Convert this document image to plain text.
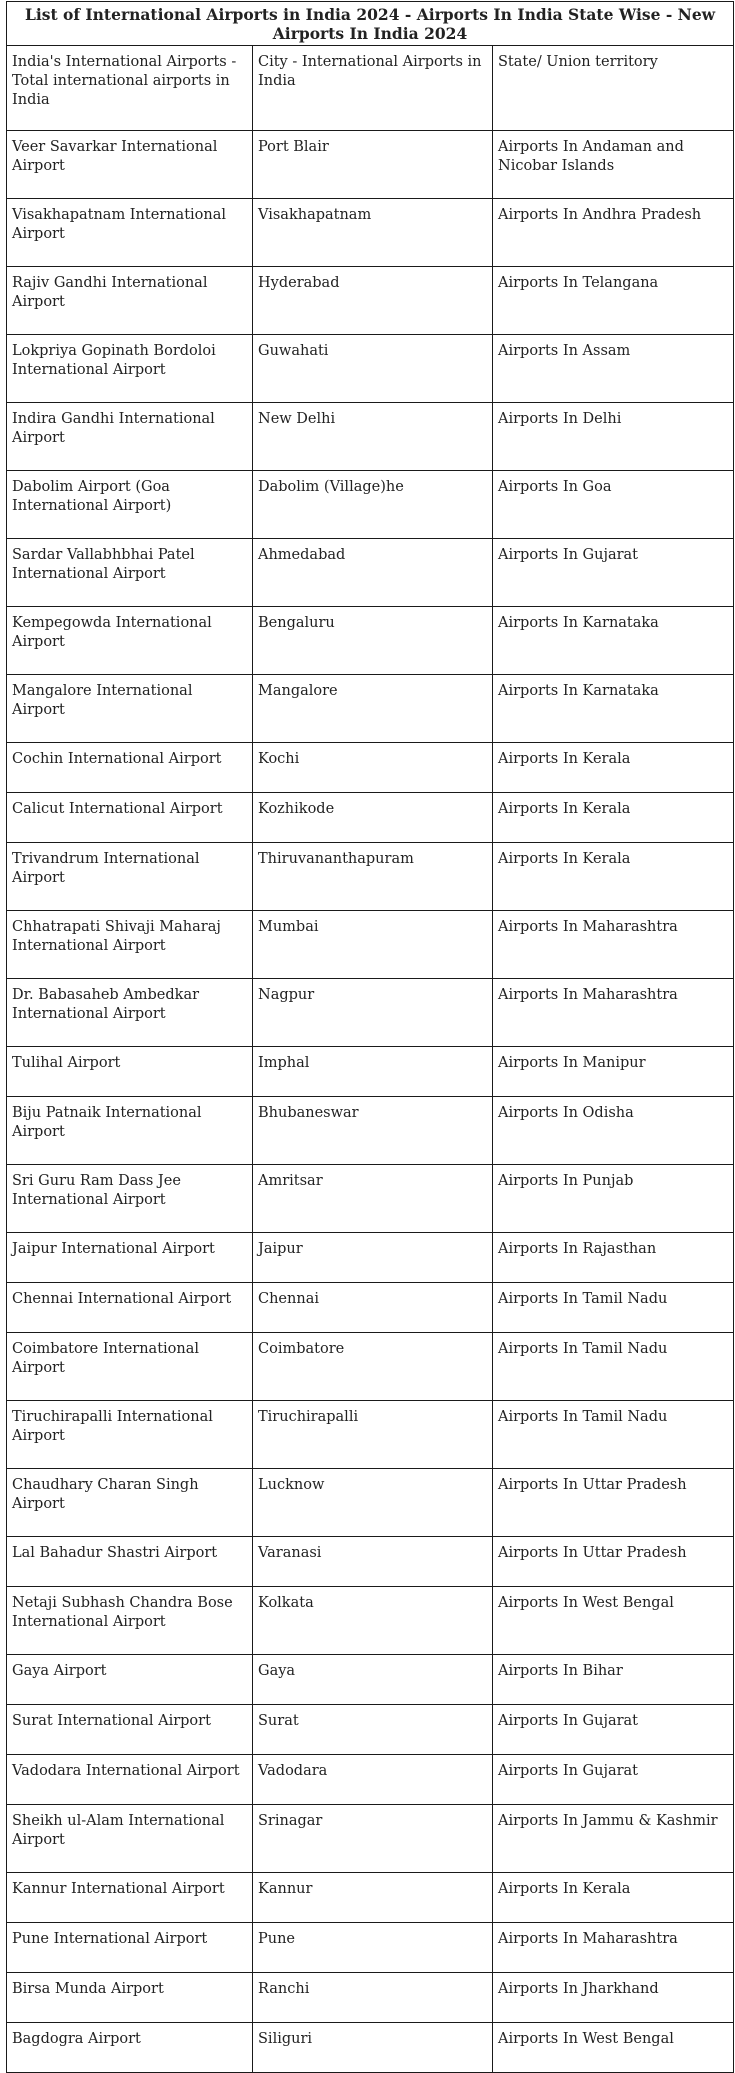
List of International Airports in India 2024 - Airports In India State Wise - New Airports In India 2024		
India's International Airports - Total international airports in India	City - International Airports in India	State/ Union territory
Veer Savarkar International Airport	Port Blair	Airports In Andaman and Nicobar Islands
Visakhapatnam International Airport	Visakhapatnam	Airports In Andhra Pradesh
Rajiv Gandhi International Airport	Hyderabad	Airports In Telangana
Lokpriya Gopinath Bordoloi International Airport	Guwahati	Airports In Assam
Indira Gandhi International Airport	New Delhi	Airports In Delhi
Dabolim Airport (Goa International Airport)	Dabolim (Village)he	Airports In Goa
Sardar Vallabhbhai Patel International Airport	Ahmedabad	Airports In Gujarat
Kempegowda International Airport	Bengaluru	Airports In Karnataka
Mangalore International Airport	Mangalore	Airports In Karnataka
Cochin International Airport	Kochi	Airports In Kerala
Calicut International Airport	Kozhikode	Airports In Kerala
Trivandrum International Airport	Thiruvananthapuram	Airports In Kerala
Chhatrapati Shivaji Maharaj International Airport	Mumbai	Airports In Maharashtra
Dr. Babasaheb Ambedkar International Airport	Nagpur	Airports In Maharashtra
Tulihal Airport	Imphal	Airports In Manipur
Biju Patnaik International Airport	Bhubaneswar	Airports In Odisha
Sri Guru Ram Dass Jee International Airport	Amritsar	Airports In Punjab
Jaipur International Airport	Jaipur	Airports In Rajasthan
Chennai International Airport	Chennai	Airports In Tamil Nadu
Coimbatore International Airport	Coimbatore	Airports In Tamil Nadu
Tiruchirapalli International Airport	Tiruchirapalli	Airports In Tamil Nadu
Chaudhary Charan Singh Airport	Lucknow	Airports In Uttar Pradesh
Lal Bahadur Shastri Airport	Varanasi	Airports In Uttar Pradesh
Netaji Subhash Chandra Bose International Airport	Kolkata	Airports In West Bengal
Gaya Airport	Gaya	Airports In Bihar
Surat International Airport	Surat	Airports In Gujarat
Vadodara International Airport	Vadodara	Airports In Gujarat
Sheikh ul-Alam International Airport	Srinagar	Airports In Jammu & Kashmir
Kannur International Airport	Kannur	Airports In Kerala
Pune International Airport	Pune	Airports In Maharashtra
Birsa Munda Airport	Ranchi	Airports In Jharkhand
Bagdogra Airport	Siliguri	Airports In West Bengal
